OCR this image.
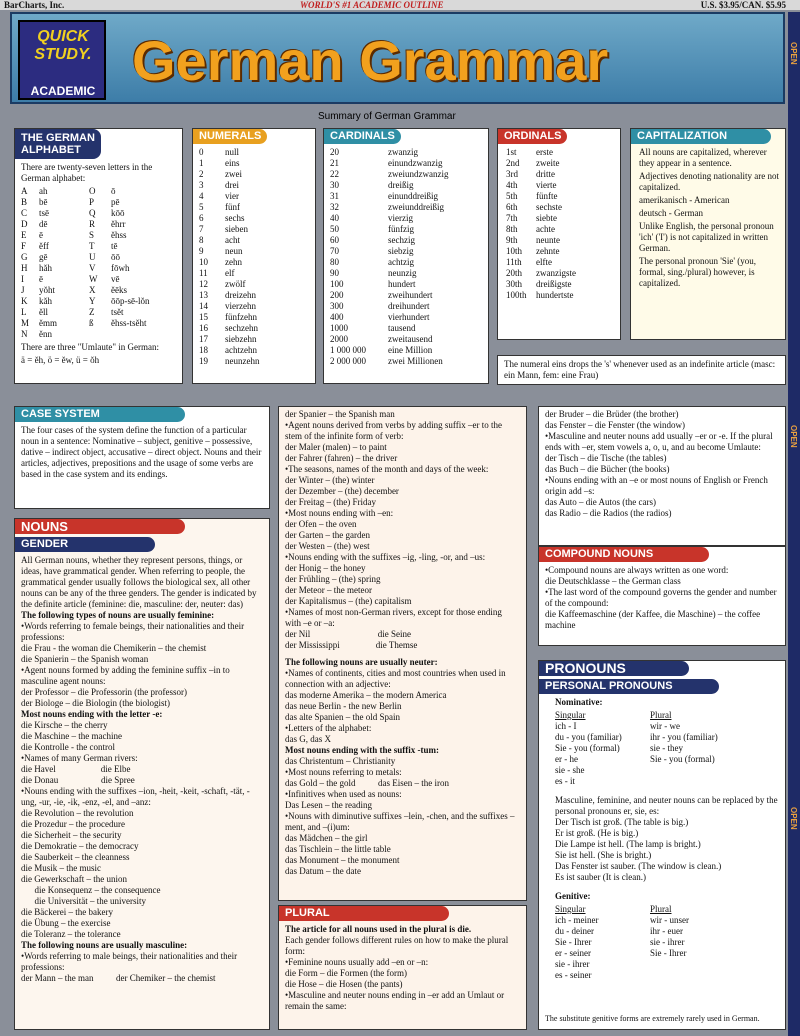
BarCharts, Inc.	WORLD'S #1 ACADEMIC OUTLINE	U.S. $3.95/CAN. $5.95
QUICK
STUDY.
ACADEMIC German Grammar	OPEN
OPEN
OPEN
Summary of German Grammar
THE GERMAN
ALPHABET

There are twenty-seven letters in the German alphabet:

A ah	O ō
B bē	P pē
C tsē	Q kōō
D dē	R ĕhrr
E ē	S ĕhss
F ĕff	T tē
G gē	U ōō
H hăh	V fōwh
I ē	W vē
J yŏht	X ĕēks
K kăh	Y ōōp-sē-lŏn
L ĕll	Z tsĕt
M ĕmm	ß ĕhss-tsĕht
N ĕnn

There are three "Umlaute" in German:

ä = ĕh, ö = ĕw, ü = ŏh

NUMERALS
0 null
1 eins
2 zwei
3 drei
4 vier
5 fünf
6 sechs
7 sieben
8 acht
9 neun
10 zehn
11 elf
12 zwölf
13 dreizehn
14 vierzehn
15 fünfzehn
16 sechzehn
17 siebzehn
18 achtzehn
19 neunzehn
CARDINALS
20	zwanzig
21	einundzwanzig
22	zweiundzwanzig
30	dreißig
31	einunddreißig
32	zweiunddreißig
40	vierzig
50	fünfzig
60	sechzig
70	siebzig
80	achtzig
90	neunzig
100	hundert
200	zweihundert
300	dreihundert
400	vierhundert
1000	tausend
2000	zweitausend
1 000 000 eine Million
2 000 000 zwei Millionen
ORDINALS
1st erste
2nd zweite
3rd dritte
4th vierte
5th fünfte
6th sechste
7th siebte
8th achte
9th neunte
10th zehnte
11th elfte
20th zwanzigste
30th dreißigste
100th hundertste
CAPITALIZATION

All nouns are capitalized, wherever they appear in a sentence.

Adjectives denoting nationality are not capitalized.

amerikanisch - American

deutsch - German

Unlike English, the personal pronoun 'ich' ('I') is not capitalized in written German.

The personal pronoun 'Sie' (you, formal, sing./plural) however, is capitalized.

The numeral eins drops the 's' whenever used as an indefinite article (masc: ein Mann, fem: eine Frau)
CASE SYSTEM

The four cases of the system define the function of a particular noun in a sentence: Nominative – subject, genitive – possessive, dative – indirect object, accusative – direct object. Nouns and their articles, adjectives, prepositions and the usage of some verbs are based in the case system and its endings.

NOUNS
GENDER
All German nouns, whether they represent persons, things, or ideas, have grammatical gender. When referring to people, the grammatical gender usually follows the biological sex, all other nouns can be any of the three genders. The gender is indicated by the definite article (feminine: die, masculine: der, neuter: das)
The following types of nouns are usually feminine:
•Words referring to female beings, their nationalities and their professions:
die Frau - the woman die Chemikerin – the chemist
die Spanierin – the Spanish woman
•Agent nouns formed by adding the feminine suffix –in to masculine agent nouns:
der Professor – die Professorin (the professor)
der Biologe – die Biologin (the biologist)
Most nouns ending with the letter -e:
die Kirsche – the cherry
die Maschine – the machine
die Kontrolle - the control
•Names of many German rivers:
die Havel                    die Elbe
die Donau                   die Spree
•Nouns ending with the suffixes –ion, -heit, -keit, -schaft, -tät, -ung, -ur, -ie, -ik, -enz, -el, and –anz:
die Revolution – the revolution
die Prozedur – the procedure
die Sicherheit – the security
die Demokratie – the democracy
die Sauberkeit – the cleanness
die Musik – the music
die Gewerkschaft – the union
die Konsequenz – the consequence
die Universität – the university
die Bäckerei – the bakery
die Übung – the exercise
die Toleranz – the tolerance
The following nouns are usually masculine:
•Words referring to male beings, their nationalities and their professions:
der Mann – the man          der Chemiker – the chemist
der Spanier – the Spanish man
•Agent nouns derived from verbs by adding suffix –er to the stem of the infinite form of verb:
der Maler (malen) – to paint
der Fahrer (fahren) – the driver
•The seasons, names of the month and days of the week:
der Winter – (the) winter
der Dezember – (the) december
der Freitag – (the) Friday
•Most nouns ending with –en:
der Ofen – the oven
der Garten – the garden
der Westen – (the) west
•Nouns ending with the suffixes –ig, -ling, -or, and –us:
der Honig – the honey
der Frühling – (the) spring
der Meteor – the meteor
der Kapitalismus – (the) capitalism
•Names of most non-German rivers, except for those ending with –e or –a:
der Nil                              die Seine
der Mississippi                die Themse
The following nouns are usually neuter:
•Names of continents, cities and most countries when used in connection with an adjective:
das moderne Amerika – the modern America
das neue Berlin - the new Berlin
das alte Spanien – the old Spain
•Letters of the alphabet:
das G, das X
Most nouns ending with the suffix -tum:
das Christentum – Christianity
•Most nouns referring to metals:
das Gold – the gold          das Eisen – the iron
•Infinitives when used as nouns:
Das Lesen – the reading
•Nouns with diminutive suffixes –lein, -chen, and the suffixes –ment, and –(i)um:
das Mädchen – the girl
das Tischlein – the little table
das Monument – the monument
das Datum – the date
PLURAL
The article for all nouns used in the plural is die.
Each gender follows different rules on how to make the plural form:
•Feminine nouns usually add –en or –n:
die Form – die Formen (the form)
die Hose – die Hosen (the pants)
•Masculine and neuter nouns ending in –er add an Umlaut or remain the same:
der Bruder – die Brüder (the brother)
das Fenster – die Fenster (the window)
•Masculine and neuter nouns add usually –er or -e. If the plural ends with –er, stem vowels a, o, u, and au become Umlaute:
der Tisch – die Tische (the tables)
das Buch – die Bücher (the books)
•Nouns ending with an –e or most nouns of English or French origin add –s:
das Auto – die Autos (the cars)
das Radio – die Radios (the radios)
COMPOUND NOUNS
•Compound nouns are always written as one word:
die Deutschklasse – the German class
•The last word of the compound governs the gender and number of the compound:
die Kaffeemaschine (der Kaffee, die Maschine) – the coffee machine
PRONOUNS
PERSONAL PRONOUNS

Nominative:

Singular	Plural
ich - I	wir - we
du - you (familiar)	ihr - you (familiar)
Sie - you (formal)	sie - they
er - he	Sie - you (formal)
sie - she
es - it
Masculine, feminine, and neuter nouns can be replaced by the personal pronouns er, sie, es:
Der Tisch ist groß. (The table is big.)
Er ist groß. (He is big.)
Die Lampe ist hell. (The lamp is bright.)
Sie ist hell. (She is bright.)
Das Fenster ist sauber. (The window is clean.)
Es ist sauber (It is clean.)

Genitive:

Singular	Plural
ich - meiner	wir - unser
du - deiner	ihr - euer
Sie - Ihrer	sie - ihrer
er - seiner	Sie - Ihrer
sie - ihrer
es - seiner

The substitute genitive forms are extremely rarely used in German.
